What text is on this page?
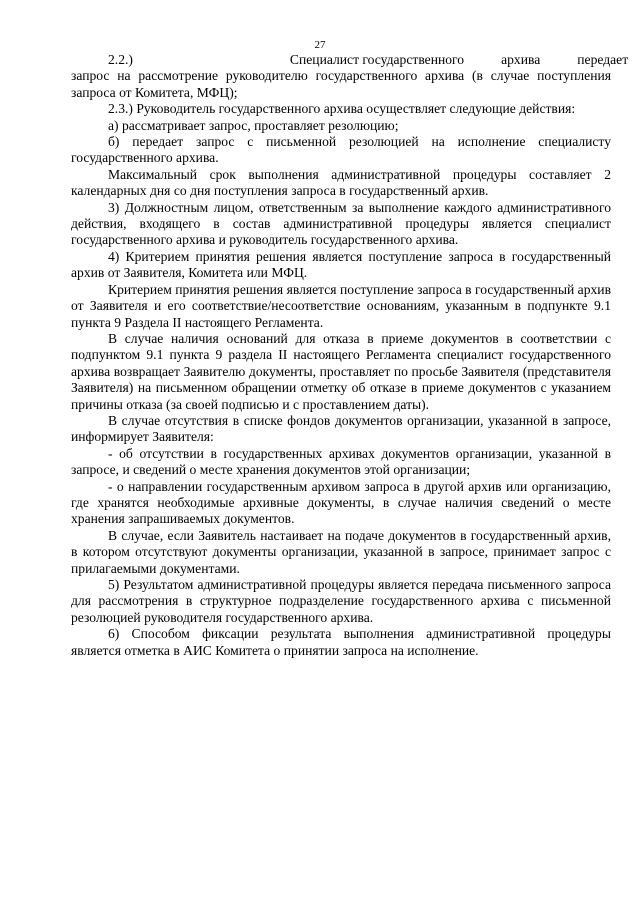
27

2.2.)	Специалист государственного	архива	передает
запрос на рассмотрение руководителю государственного архива (в случае поступления запроса от Комитета, МФЦ);

2.3.) Руководитель государственного архива осуществляет следующие действия:

а) рассматривает запрос, проставляет резолюцию;

б) передает запрос с письменной резолюцией на исполнение специалисту государственного архива.

Максимальный срок выполнения административной процедуры составляет 2 календарных дня со дня поступления запроса в государственный архив.

3) Должностным лицом, ответственным за выполнение каждого административного действия, входящего в состав административной процедуры является специалист государственного архива и руководитель государственного архива.

4) Критерием принятия решения является поступление запроса в государственный архив от Заявителя, Комитета или МФЦ.

Критерием принятия решения является поступление запроса в государственный архив от Заявителя и его соответствие/несоответствие основаниям, указанным в подпункте 9.1 пункта 9 Раздела II настоящего Регламента.

В случае наличия оснований для отказа в приеме документов в соответствии с подпунктом 9.1 пункта 9 раздела II настоящего Регламента специалист государственного архива возвращает Заявителю документы, проставляет по просьбе Заявителя (представителя Заявителя) на письменном обращении отметку об отказе в приеме документов с указанием причины отказа (за своей подписью и с проставлением даты).

В случае отсутствия в списке фондов документов организации, указанной в запросе, информирует Заявителя:

- об отсутствии в государственных архивах документов организации, указанной в запросе, и сведений о месте хранения документов этой организации;

- о направлении государственным архивом запроса в другой архив или организацию, где хранятся необходимые архивные документы, в случае наличия сведений о месте хранения запрашиваемых документов.

В случае, если Заявитель настаивает на подаче документов в государственный архив, в котором отсутствуют документы организации, указанной в запросе, принимает запрос с прилагаемыми документами.

5) Результатом административной процедуры является передача письменного запроса для рассмотрения в структурное подразделение государственного архива с письменной резолюцией руководителя государственного архива.

6) Способом фиксации результата выполнения административной процедуры является отметка в АИС Комитета о принятии запроса на исполнение.
